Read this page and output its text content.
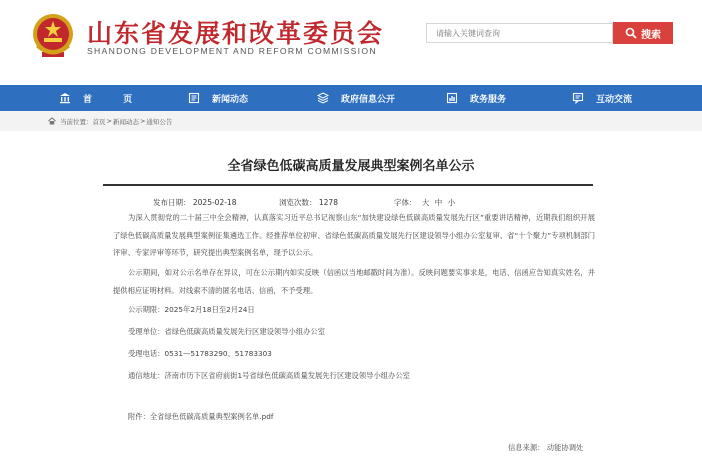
山东省发展和改革委员会
SHANDONG DEVELOPMENT AND REFORM COMMISSION
请输入关键词查询
搜索
首 页	新闻动态	政府信息公开	政务服务	互动交流
当前位置： 首页 > 新闻动态 > 通知公告
全省绿色低碳高质量发展典型案例名单公示
发布日期： 2025-02-18	浏览次数： 1278	字体： 大 中 小
为深入贯彻党的二十届三中全会精神，认真落实习近平总书记视察山东“加快建设绿色低碳高质量发展先行区”重要讲话精神，近期我们组织开展了绿色低碳高质量发展典型案例征集遴选工作。经推荐单位初审、省绿色低碳高质量发展先行区建设领导小组办公室复审、省“十个聚力”专项机制部门评审、专家评审等环节，研究提出典型案例名单，现予以公示。
公示期间，如对公示名单存在异议，可在公示期内如实反映（信函以当地邮戳时间为准）。反映问题要实事求是，电话、信函应告知真实姓名，并提供相应证明材料。对线索不清的匿名电话、信函，不予受理。
公示期限：2025年2月18日至2月24日
受理单位：省绿色低碳高质量发展先行区建设领导小组办公室
受理电话：0531—51783290、51783303
通信地址：济南市历下区省府前街1号省绿色低碳高质量发展先行区建设领导小组办公室
附件：全省绿色低碳高质量典型案例名单.pdf
信息来源： 动能协调处
